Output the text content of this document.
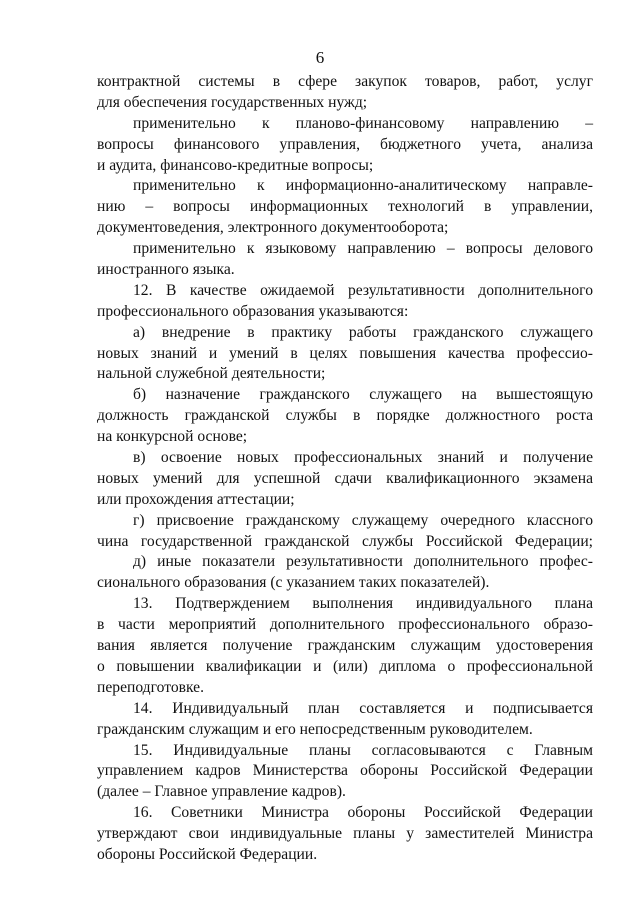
6
контрактной системы в сфере закупок товаров, работ, услуг
для обеспечения государственных нужд;
применительно к планово-финансовому направлению –
вопросы финансового управления, бюджетного учета, анализа
и аудита, финансово-кредитные вопросы;
применительно к информационно-аналитическому направле-
нию – вопросы информационных технологий в управлении,
документоведения, электронного документооборота;
применительно к языковому направлению – вопросы делового
иностранного языка.
12. В качестве ожидаемой результативности дополнительного
профессионального образования указываются:
а) внедрение в практику работы гражданского служащего
новых знаний и умений в целях повышения качества профессио-
нальной служебной деятельности;
б) назначение гражданского служащего на вышестоящую
должность гражданской службы в порядке должностного роста
на конкурсной основе;
в) освоение новых профессиональных знаний и получение
новых умений для успешной сдачи квалификационного экзамена
или прохождения аттестации;
г) присвоение гражданскому служащему очередного классного
чина государственной гражданской службы Российской Федерации;
д) иные показатели результативности дополнительного профес-
сионального образования (с указанием таких показателей).
13. Подтверждением выполнения индивидуального плана
в части мероприятий дополнительного профессионального образо-
вания является получение гражданским служащим удостоверения
о повышении квалификации и (или) диплома о профессиональной
переподготовке.
14. Индивидуальный план составляется и подписывается
гражданским служащим и его непосредственным руководителем.
15. Индивидуальные планы согласовываются с Главным
управлением кадров Министерства обороны Российской Федерации
(далее – Главное управление кадров).
16. Советники Министра обороны Российской Федерации
утверждают свои индивидуальные планы у заместителей Министра
обороны Российской Федерации.
